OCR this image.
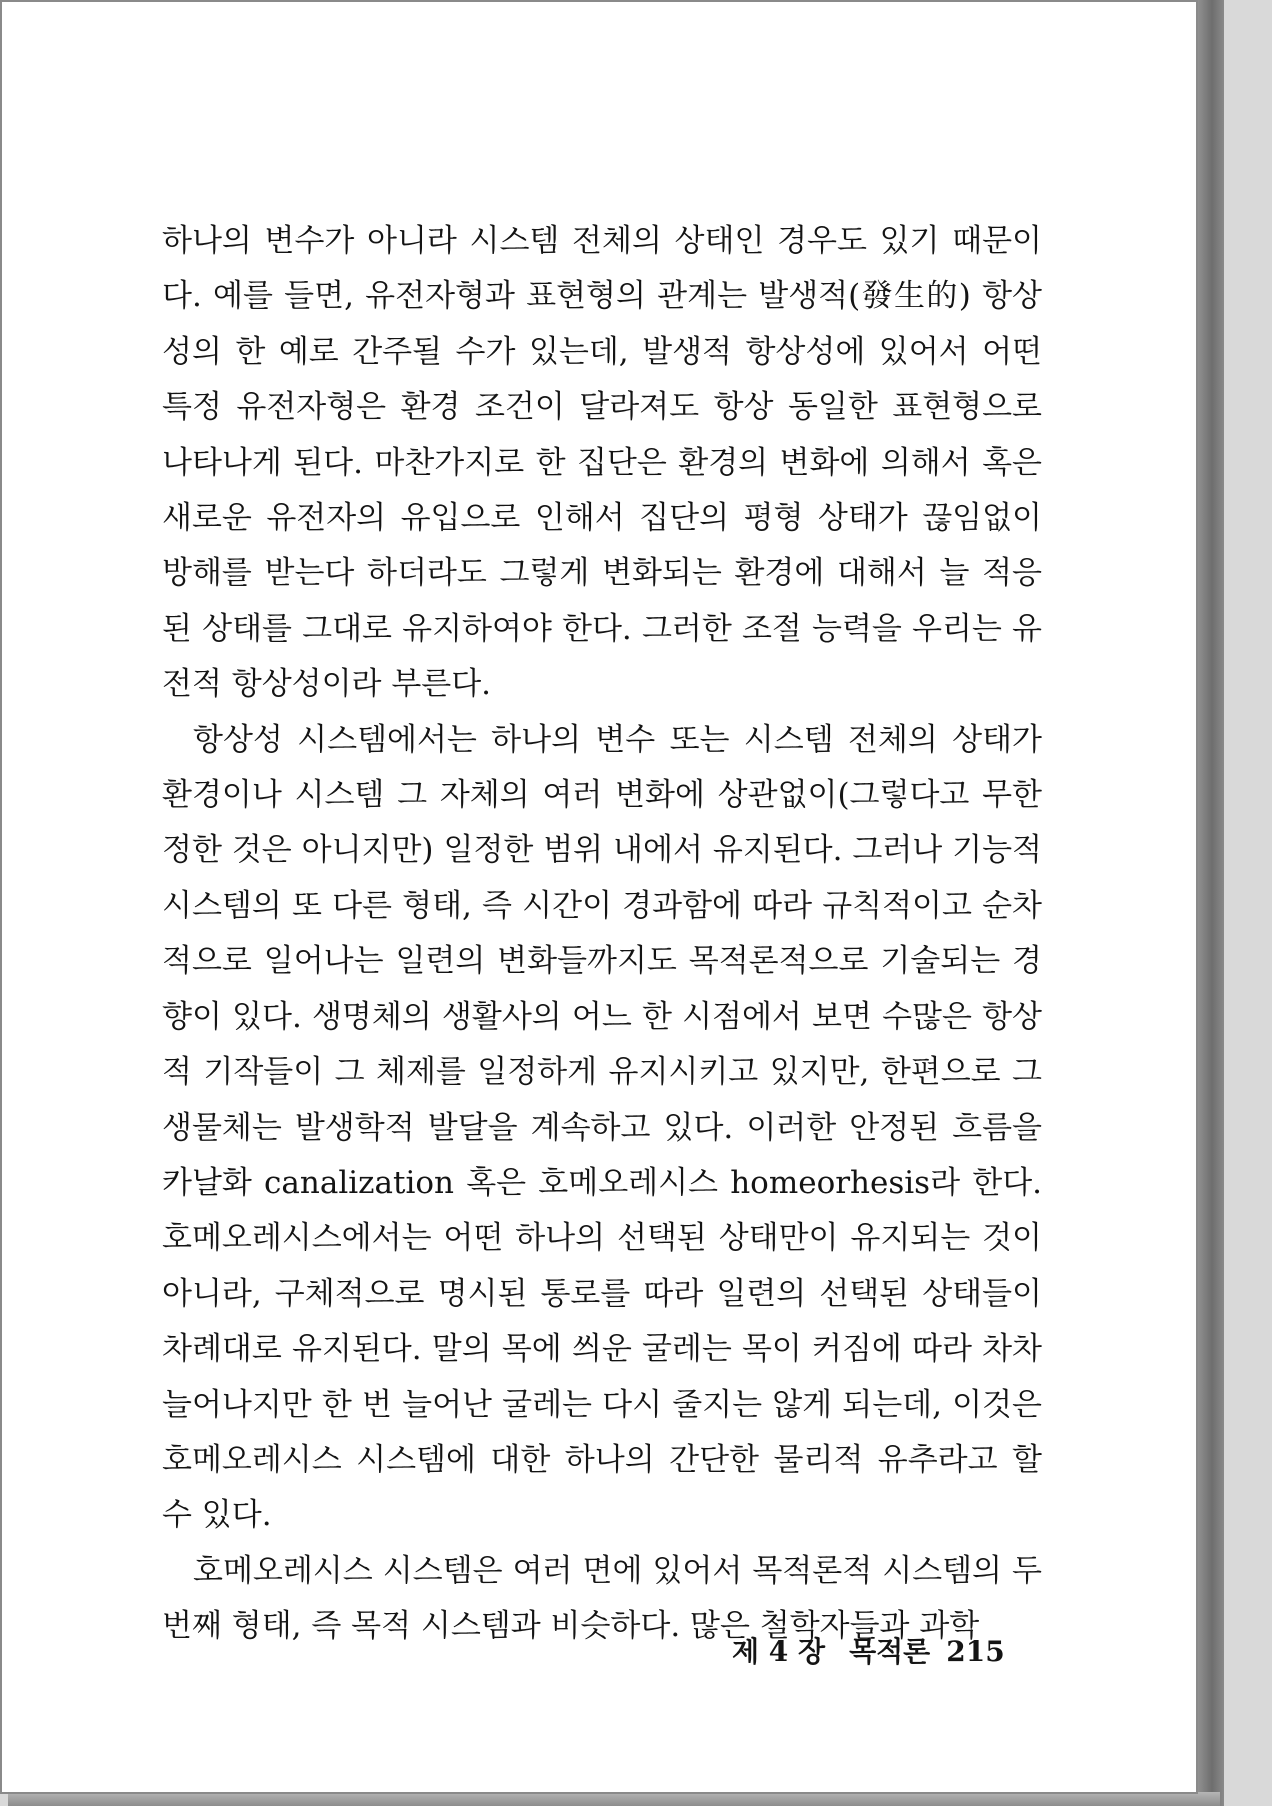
하나의 변수가 아니라 시스템 전체의 상태인 경우도 있기 때문이다. 예를 들면, 유전자형과 표현형의 관계는 발생적(發生的) 항상성의 한 예로 간주될 수가 있는데, 발생적 항상성에 있어서 어떤 특정 유전자형은 환경 조건이 달라져도 항상 동일한 표현형으로 나타나게 된다. 마찬가지로 한 집단은 환경의 변화에 의해서 혹은 새로운 유전자의 유입으로 인해서 집단의 평형 상태가 끊임없이 방해를 받는다 하더라도 그렇게 변화되는 환경에 대해서 늘 적응된 상태를 그대로 유지하여야 한다. 그러한 조절 능력을 우리는 유전적 항상성이라 부른다.

항상성 시스템에서는 하나의 변수 또는 시스템 전체의 상태가 환경이나 시스템 그 자체의 여러 변화에 상관없이(그렇다고 무한정한 것은 아니지만) 일정한 범위 내에서 유지된다. 그러나 기능적 시스템의 또 다른 형태, 즉 시간이 경과함에 따라 규칙적이고 순차적으로 일어나는 일련의 변화들까지도 목적론적으로 기술되는 경향이 있다. 생명체의 생활사의 어느 한 시점에서 보면 수많은 항상적 기작들이 그 체제를 일정하게 유지시키고 있지만, 한편으로 그 생물체는 발생학적 발달을 계속하고 있다. 이러한 안정된 흐름을 카날화 canalization 혹은 호메오레시스 homeorhesis라 한다. 호메오레시스에서는 어떤 하나의 선택된 상태만이 유지되는 것이 아니라, 구체적으로 명시된 통로를 따라 일련의 선택된 상태들이 차례대로 유지된다. 말의 목에 씌운 굴레는 목이 커짐에 따라 차차 늘어나지만 한 번 늘어난 굴레는 다시 줄지는 않게 되는데, 이것은 호메오레시스 시스템에 대한 하나의 간단한 물리적 유추라고 할 수 있다.

호메오레시스 시스템은 여러 면에 있어서 목적론적 시스템의 두번째 형태, 즉 목적 시스템과 비슷하다. 많은 철학자들과 과학

제 4 장 목적론 215
